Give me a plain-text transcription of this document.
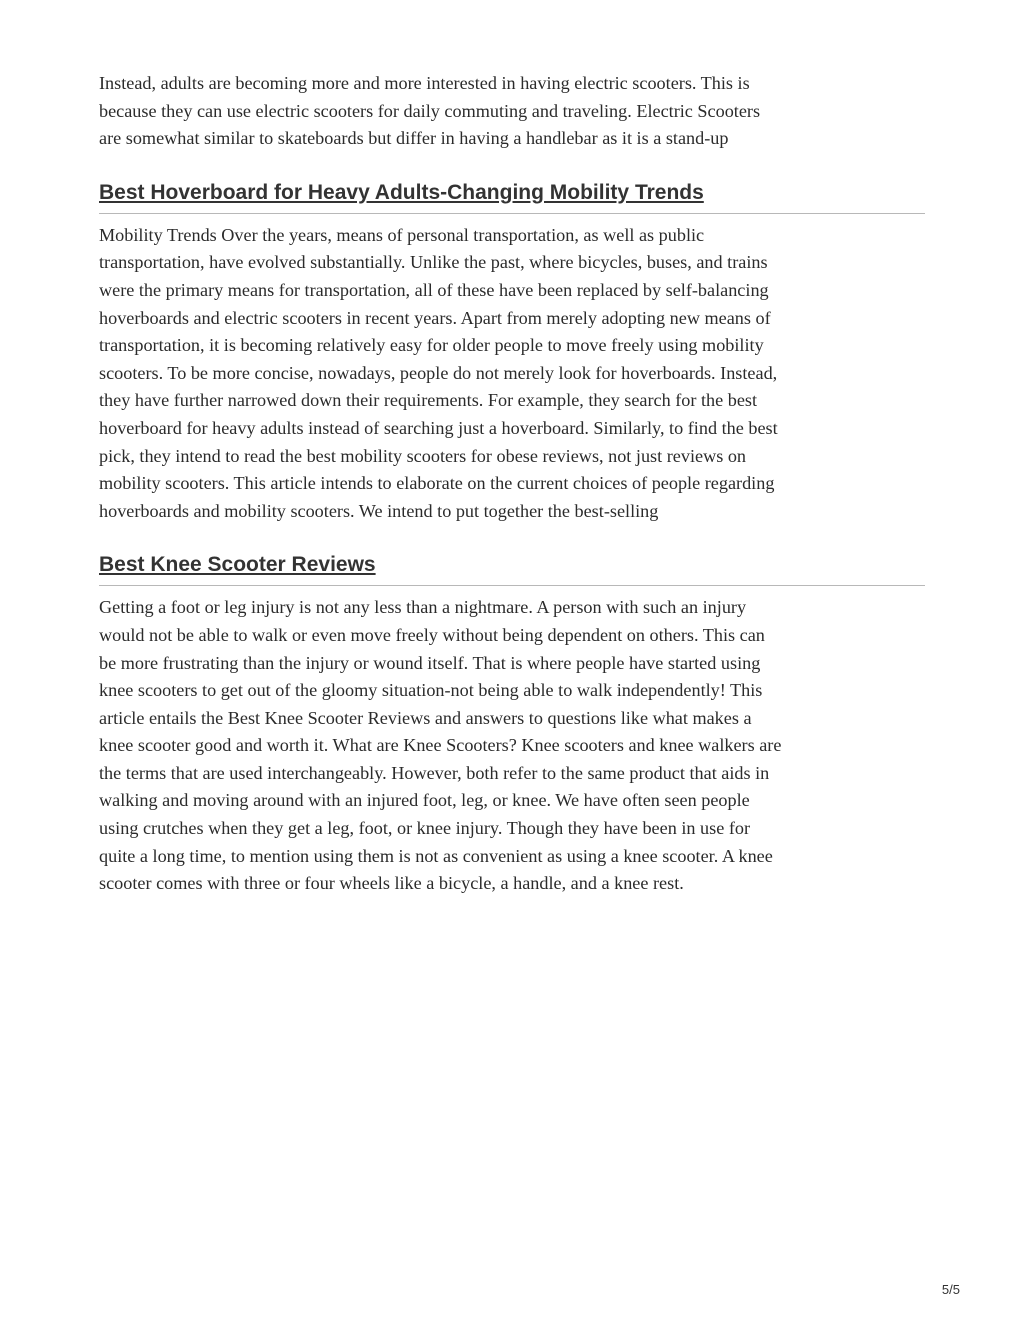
Instead, adults are becoming more and more interested in having electric scooters. This is
because they can use electric scooters for daily commuting and traveling. Electric Scooters
are somewhat similar to skateboards but differ in having a handlebar as it is a stand-up

Best Hoverboard for Heavy Adults-Changing Mobility Trends

Mobility Trends Over the years, means of personal transportation, as well as public
transportation, have evolved substantially. Unlike the past, where bicycles, buses, and trains
were the primary means for transportation, all of these have been replaced by self-balancing
hoverboards and electric scooters in recent years. Apart from merely adopting new means of
transportation, it is becoming relatively easy for older people to move freely using mobility
scooters. To be more concise, nowadays, people do not merely look for hoverboards. Instead,
they have further narrowed down their requirements. For example, they search for the best
hoverboard for heavy adults instead of searching just a hoverboard. Similarly, to find the best
pick, they intend to read the best mobility scooters for obese reviews, not just reviews on
mobility scooters. This article intends to elaborate on the current choices of people regarding
hoverboards and mobility scooters. We intend to put together the best-selling

Best Knee Scooter Reviews

Getting a foot or leg injury is not any less than a nightmare. A person with such an injury
would not be able to walk or even move freely without being dependent on others. This can
be more frustrating than the injury or wound itself. That is where people have started using
knee scooters to get out of the gloomy situation-not being able to walk independently! This
article entails the Best Knee Scooter Reviews and answers to questions like what makes a
knee scooter good and worth it. What are Knee Scooters? Knee scooters and knee walkers are
the terms that are used interchangeably. However, both refer to the same product that aids in
walking and moving around with an injured foot, leg, or knee. We have often seen people
using crutches when they get a leg, foot, or knee injury. Though they have been in use for
quite a long time, to mention using them is not as convenient as using a knee scooter. A knee
scooter comes with three or four wheels like a bicycle, a handle, and a knee rest.

5/5
